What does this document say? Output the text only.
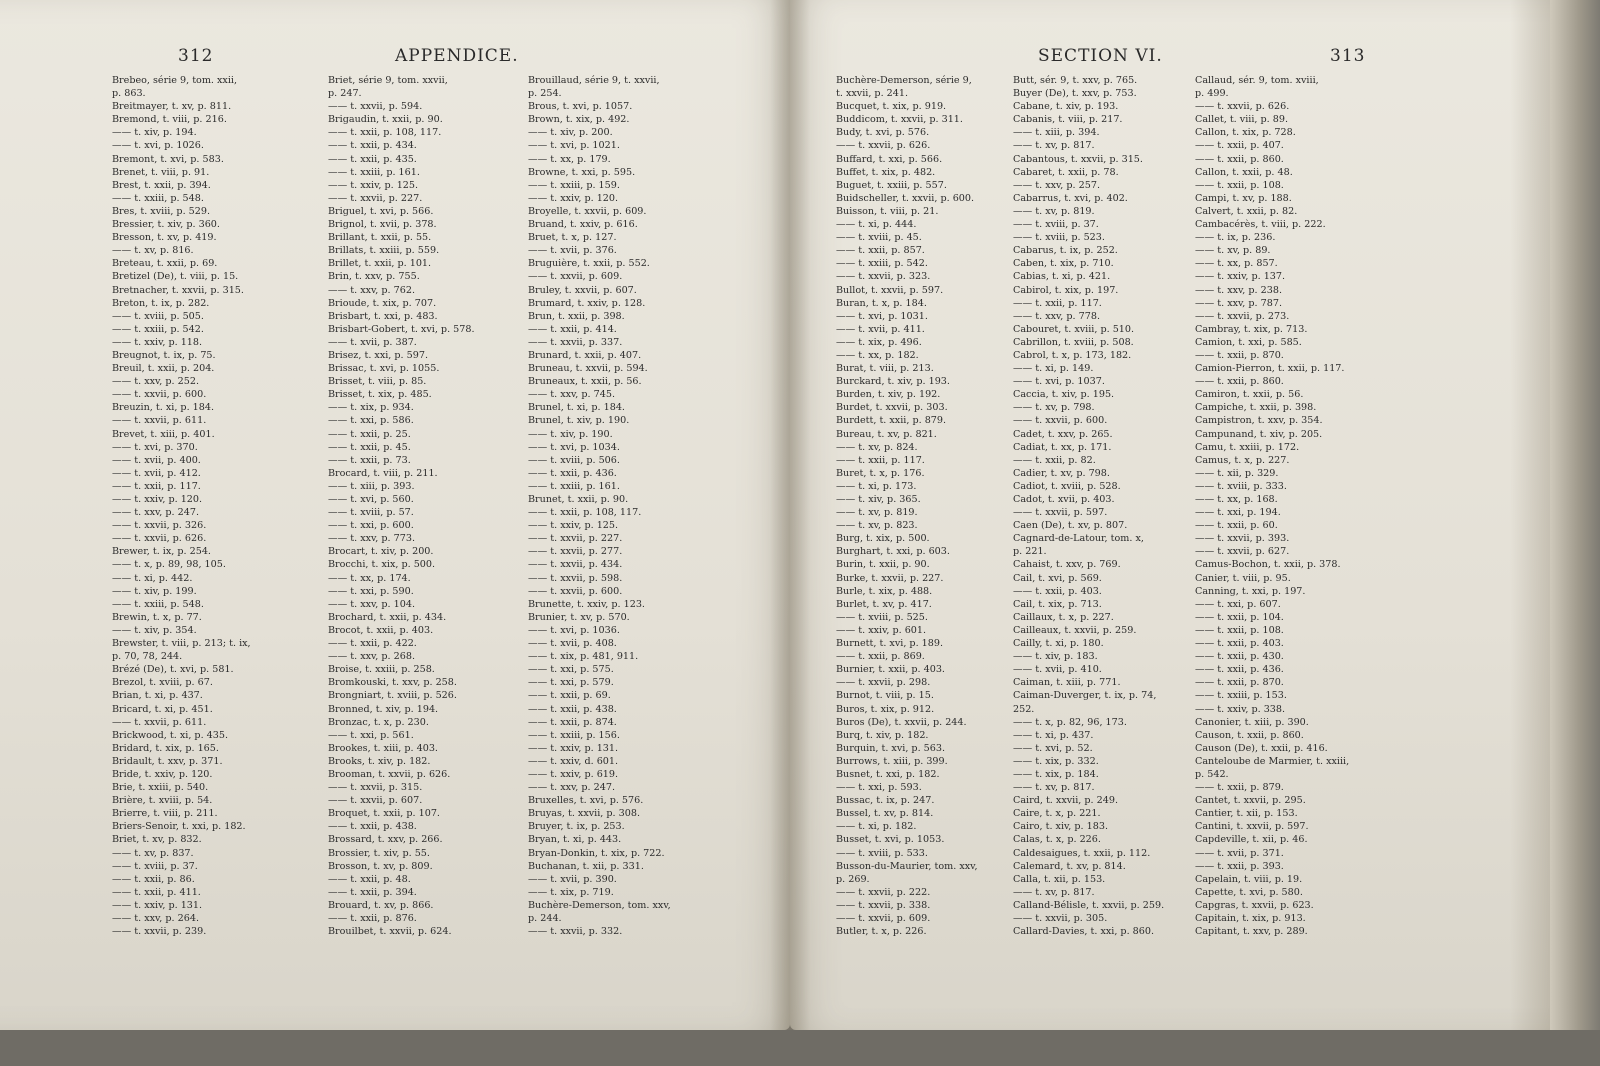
312	APPENDICE.
Brebeo, série 9, tom. xxii,
p. 863.
Breitmayer, t. xv, p. 811.
Bremond, t. viii, p. 216.
—— t. xiv, p. 194.
—— t. xvi, p. 1026.
Bremont, t. xvi, p. 583.
Brenet, t. viii, p. 91.
Brest, t. xxii, p. 394.
—— t. xxiii, p. 548.
Bres, t. xviii, p. 529.
Bressier, t. xiv, p. 360.
Bresson, t. xv, p. 419.
—— t. xv, p. 816.
Breteau, t. xxii, p. 69.
Bretizel (De), t. viii, p. 15.
Bretnacher, t. xxvii, p. 315.
Breton, t. ix, p. 282.
—— t. xviii, p. 505.
—— t. xxiii, p. 542.
—— t. xxiv, p. 118.
Breugnot, t. ix, p. 75.
Breuil, t. xxii, p. 204.
—— t. xxv, p. 252.
—— t. xxvii, p. 600.
Breuzin, t. xi, p. 184.
—— t. xxvii, p. 611.
Brevet, t. xiii, p. 401.
—— t. xvi, p. 370.
—— t. xvii, p. 400.
—— t. xvii, p. 412.
—— t. xxii, p. 117.
—— t. xxiv, p. 120.
—— t. xxv, p. 247.
—— t. xxvii, p. 326.
—— t. xxvii, p. 626.
Brewer, t. ix, p. 254.
—— t. x, p. 89, 98, 105.
—— t. xi, p. 442.
—— t. xiv, p. 199.
—— t. xxiii, p. 548.
Brewin, t. x, p. 77.
—— t. xiv, p. 354.
Brewster, t. viii, p. 213; t. ix,
p. 70, 78, 244.
Brézé (De), t. xvi, p. 581.
Brezol, t. xviii, p. 67.
Brian, t. xi, p. 437.
Bricard, t. xi, p. 451.
—— t. xxvii, p. 611.
Brickwood, t. xi, p. 435.
Bridard, t. xix, p. 165.
Bridault, t. xxv, p. 371.
Bride, t. xxiv, p. 120.
Brie, t. xxiii, p. 540.
Brière, t. xviii, p. 54.
Brierre, t. viii, p. 211.
Briers-Senoir, t. xxi, p. 182.
Briet, t. xv, p. 832.
—— t. xv, p. 837.
—— t. xviii, p. 37.
—— t. xxii, p. 86.
—— t. xxii, p. 411.
—— t. xxiv, p. 131.
—— t. xxv, p. 264.
—— t. xxvii, p. 239.
Briet, série 9, tom. xxvii,
p. 247.
—— t. xxvii, p. 594.
Brigaudin, t. xxii, p. 90.
—— t. xxii, p. 108, 117.
—— t. xxii, p. 434.
—— t. xxii, p. 435.
—— t. xxiii, p. 161.
—— t. xxiv, p. 125.
—— t. xxvii, p. 227.
Briguel, t. xvi, p. 566.
Brignol, t. xvii, p. 378.
Brillant, t. xxii, p. 55.
Brillats, t. xxiii, p. 559.
Brillet, t. xxii, p. 101.
Brin, t. xxv, p. 755.
—— t. xxv, p. 762.
Brioude, t. xix, p. 707.
Brisbart, t. xxi, p. 483.
Brisbart-Gobert, t. xvi, p. 578.
—— t. xvii, p. 387.
Brisez, t. xxi, p. 597.
Brissac, t. xvi, p. 1055.
Brisset, t. viii, p. 85.
Brisset, t. xix, p. 485.
—— t. xix, p. 934.
—— t. xxi, p. 586.
—— t. xxii, p. 25.
—— t. xxii, p. 45.
—— t. xxii, p. 73.
Brocard, t. viii, p. 211.
—— t. xiii, p. 393.
—— t. xvi, p. 560.
—— t. xviii, p. 57.
—— t. xxi, p. 600.
—— t. xxv, p. 773.
Brocart, t. xiv, p. 200.
Brocchi, t. xix, p. 500.
—— t. xx, p. 174.
—— t. xxi, p. 590.
—— t. xxv, p. 104.
Brochard, t. xxii, p. 434.
Brocot, t. xxii, p. 403.
—— t. xxii, p. 422.
—— t. xxv, p. 268.
Broise, t. xxiii, p. 258.
Bromkouski, t. xxv, p. 258.
Brongniart, t. xviii, p. 526.
Bronned, t. xiv, p. 194.
Bronzac, t. x, p. 230.
—— t. xxi, p. 561.
Brookes, t. xiii, p. 403.
Brooks, t. xiv, p. 182.
Brooman, t. xxvii, p. 626.
—— t. xxvii, p. 315.
—— t. xxvii, p. 607.
Broquet, t. xxii, p. 107.
—— t. xxii, p. 438.
Brossard, t. xxv, p. 266.
Brossier, t. xiv, p. 55.
Brosson, t. xv, p. 809.
—— t. xxii, p. 48.
—— t. xxii, p. 394.
Brouard, t. xv, p. 866.
—— t. xxii, p. 876.
Brouilbet, t. xxvii, p. 624.
Brouillaud, série 9, t. xxvii,
p. 254.
Brous, t. xvi, p. 1057.
Brown, t. xix, p. 492.
—— t. xiv, p. 200.
—— t. xvi, p. 1021.
—— t. xx, p. 179.
Browne, t. xxi, p. 595.
—— t. xxiii, p. 159.
—— t. xxiv, p. 120.
Broyelle, t. xxvii, p. 609.
Bruand, t. xxiv, p. 616.
Bruet, t. x, p. 127.
—— t. xvii, p. 376.
Bruguière, t. xxii, p. 552.
—— t. xxvii, p. 609.
Bruley, t. xxvii, p. 607.
Brumard, t. xxiv, p. 128.
Brun, t. xxii, p. 398.
—— t. xxii, p. 414.
—— t. xxvii, p. 337.
Brunard, t. xxii, p. 407.
Bruneau, t. xxvii, p. 594.
Bruneaux, t. xxii, p. 56.
—— t. xxv, p. 745.
Brunel, t. xi, p. 184.
Brunel, t. xiv, p. 190.
—— t. xiv, p. 190.
—— t. xvi, p. 1034.
—— t. xviii, p. 506.
—— t. xxii, p. 436.
—— t. xxiii, p. 161.
Brunet, t. xxii, p. 90.
—— t. xxii, p. 108, 117.
—— t. xxiv, p. 125.
—— t. xxvii, p. 227.
—— t. xxvii, p. 277.
—— t. xxvii, p. 434.
—— t. xxvii, p. 598.
—— t. xxvii, p. 600.
Brunette, t. xxiv, p. 123.
Brunier, t. xv, p. 570.
—— t. xvi, p. 1036.
—— t. xvii, p. 408.
—— t. xix, p. 481, 911.
—— t. xxi, p. 575.
—— t. xxi, p. 579.
—— t. xxii, p. 69.
—— t. xxii, p. 438.
—— t. xxii, p. 874.
—— t. xxiii, p. 156.
—— t. xxiv, p. 131.
—— t. xxiv, d. 601.
—— t. xxiv, p. 619.
—— t. xxv, p. 247.
Bruxelles, t. xvi, p. 576.
Bruyas, t. xxvii, p. 308.
Bruyer, t. ix, p. 253.
Bryan, t. xi, p. 443.
Bryan-Donkin, t. xix, p. 722.
Buchanan, t. xii, p. 331.
—— t. xvii, p. 390.
—— t. xix, p. 719.
Buchère-Demerson, tom. xxv,
p. 244.
—— t. xxvii, p. 332.
SECTION VI.	313
Buchère-Demerson, série 9,
t. xxvii, p. 241.
Bucquet, t. xix, p. 919.
Buddicom, t. xxvii, p. 311.
Budy, t. xvi, p. 576.
—— t. xxvii, p. 626.
Buffard, t. xxi, p. 566.
Buffet, t. xix, p. 482.
Buguet, t. xxiii, p. 557.
Buidscheller, t. xxvii, p. 600.
Buisson, t. viii, p. 21.
—— t. xi, p. 444.
—— t. xviii, p. 45.
—— t. xxii, p. 857.
—— t. xxiii, p. 542.
—— t. xxvii, p. 323.
Bullot, t. xxvii, p. 597.
Buran, t. x, p. 184.
—— t. xvi, p. 1031.
—— t. xvii, p. 411.
—— t. xix, p. 496.
—— t. xx, p. 182.
Burat, t. viii, p. 213.
Burckard, t. xiv, p. 193.
Burden, t. xiv, p. 192.
Burdet, t. xxvii, p. 303.
Burdett, t. xxii, p. 879.
Bureau, t. xv, p. 821.
—— t. xv, p. 824.
—— t. xxii, p. 117.
Buret, t. x, p. 176.
—— t. xi, p. 173.
—— t. xiv, p. 365.
—— t. xv, p. 819.
—— t. xv, p. 823.
Burg, t. xix, p. 500.
Burghart, t. xxi, p. 603.
Burin, t. xxii, p. 90.
Burke, t. xxvii, p. 227.
Burle, t. xix, p. 488.
Burlet, t. xv, p. 417.
—— t. xviii, p. 525.
—— t. xxiv, p. 601.
Burnett, t. xvi, p. 189.
—— t. xxii, p. 869.
Burnier, t. xxii, p. 403.
—— t. xxvii, p. 298.
Burnot, t. viii, p. 15.
Buros, t. xix, p. 912.
Buros (De), t. xxvii, p. 244.
Burq, t. xiv, p. 182.
Burquin, t. xvi, p. 563.
Burrows, t. xiii, p. 399.
Busnet, t. xxi, p. 182.
—— t. xxi, p. 593.
Bussac, t. ix, p. 247.
Bussel, t. xv, p. 814.
—— t. xi, p. 182.
Busset, t. xvi, p. 1053.
—— t. xviii, p. 533.
Busson-du-Maurier, tom. xxv,
p. 269.
—— t. xxvii, p. 222.
—— t. xxvii, p. 338.
—— t. xxvii, p. 609.
Butler, t. x, p. 226.
Butt, sér. 9, t. xxv, p. 765.
Buyer (De), t. xxv, p. 753.
Cabane, t. xiv, p. 193.
Cabanis, t. viii, p. 217.
—— t. xiii, p. 394.
—— t. xv, p. 817.
Cabantous, t. xxvii, p. 315.
Cabaret, t. xxii, p. 78.
—— t. xxv, p. 257.
Cabarrus, t. xvi, p. 402.
—— t. xv, p. 819.
—— t. xviii, p. 37.
—— t. xviii, p. 523.
Cabarus, t. ix, p. 252.
Caben, t. xix, p. 710.
Cabias, t. xi, p. 421.
Cabirol, t. xix, p. 197.
—— t. xxii, p. 117.
—— t. xxv, p. 778.
Cabouret, t. xviii, p. 510.
Cabrillon, t. xviii, p. 508.
Cabrol, t. x, p. 173, 182.
—— t. xi, p. 149.
—— t. xvi, p. 1037.
Caccia, t. xiv, p. 195.
—— t. xv, p. 798.
—— t. xxvii, p. 600.
Cadet, t. xxv, p. 265.
Cadiat, t. xx, p. 171.
—— t. xxii, p. 82.
Cadier, t. xv, p. 798.
Cadiot, t. xviii, p. 528.
Cadot, t. xvii, p. 403.
—— t. xxvii, p. 597.
Caen (De), t. xv, p. 807.
Cagnard-de-Latour, tom. x,
p. 221.
Cahaist, t. xxv, p. 769.
Cail, t. xvi, p. 569.
—— t. xxii, p. 403.
Cail, t. xix, p. 713.
Caillaux, t. x, p. 227.
Cailleaux, t. xxvii, p. 259.
Cailly, t. xi, p. 180.
—— t. xiv, p. 183.
—— t. xvii, p. 410.
Caiman, t. xiii, p. 771.
Caiman-Duverger, t. ix, p. 74,
252.
—— t. x, p. 82, 96, 173.
—— t. xi, p. 437.
—— t. xvi, p. 52.
—— t. xix, p. 332.
—— t. xix, p. 184.
—— t. xv, p. 817.
Caird, t. xxvii, p. 249.
Caire, t. x, p. 221.
Cairo, t. xiv, p. 183.
Calas, t. x, p. 226.
Caldesaigues, t. xxii, p. 112.
Calemard, t. xv, p. 814.
Calla, t. xii, p. 153.
—— t. xv, p. 817.
Calland-Bélisle, t. xxvii, p. 259.
—— t. xxvii, p. 305.
Callard-Davies, t. xxi, p. 860.
Callaud, sér. 9, tom. xviii,
p. 499.
—— t. xxvii, p. 626.
Callet, t. viii, p. 89.
Callon, t. xix, p. 728.
—— t. xxii, p. 407.
—— t. xxii, p. 860.
Callon, t. xxii, p. 48.
—— t. xxii, p. 108.
Campi, t. xv, p. 188.
Calvert, t. xxii, p. 82.
Cambacérès, t. viii, p. 222.
—— t. ix, p. 236.
—— t. xv, p. 89.
—— t. xx, p. 857.
—— t. xxiv, p. 137.
—— t. xxv, p. 238.
—— t. xxv, p. 787.
—— t. xxvii, p. 273.
Cambray, t. xix, p. 713.
Camion, t. xxi, p. 585.
—— t. xxii, p. 870.
Camion-Pierron, t. xxii, p. 117.
—— t. xxii, p. 860.
Camiron, t. xxii, p. 56.
Campiche, t. xxii, p. 398.
Campistron, t. xxv, p. 354.
Campunand, t. xiv, p. 205.
Camu, t. xxiii, p. 172.
Camus, t. x, p. 227.
—— t. xii, p. 329.
—— t. xviii, p. 333.
—— t. xx, p. 168.
—— t. xxi, p. 194.
—— t. xxii, p. 60.
—— t. xxvii, p. 393.
—— t. xxvii, p. 627.
Camus-Bochon, t. xxii, p. 378.
Canier, t. viii, p. 95.
Canning, t. xxi, p. 197.
—— t. xxi, p. 607.
—— t. xxii, p. 104.
—— t. xxii, p. 108.
—— t. xxii, p. 403.
—— t. xxii, p. 430.
—— t. xxii, p. 436.
—— t. xxii, p. 870.
—— t. xxiii, p. 153.
—— t. xxiv, p. 338.
Canonier, t. xiii, p. 390.
Causon, t. xxii, p. 860.
Causon (De), t. xxii, p. 416.
Canteloube de Marmier, t. xxiii,
p. 542.
—— t. xxii, p. 879.
Cantet, t. xxvii, p. 295.
Cantier, t. xii, p. 153.
Cantini, t. xxvii, p. 597.
Capdeville, t. xii, p. 46.
—— t. xvii, p. 371.
—— t. xxii, p. 393.
Capelain, t. viii, p. 19.
Capette, t. xvi, p. 580.
Capgras, t. xxvii, p. 623.
Capitain, t. xix, p. 913.
Capitant, t. xxv, p. 289.
